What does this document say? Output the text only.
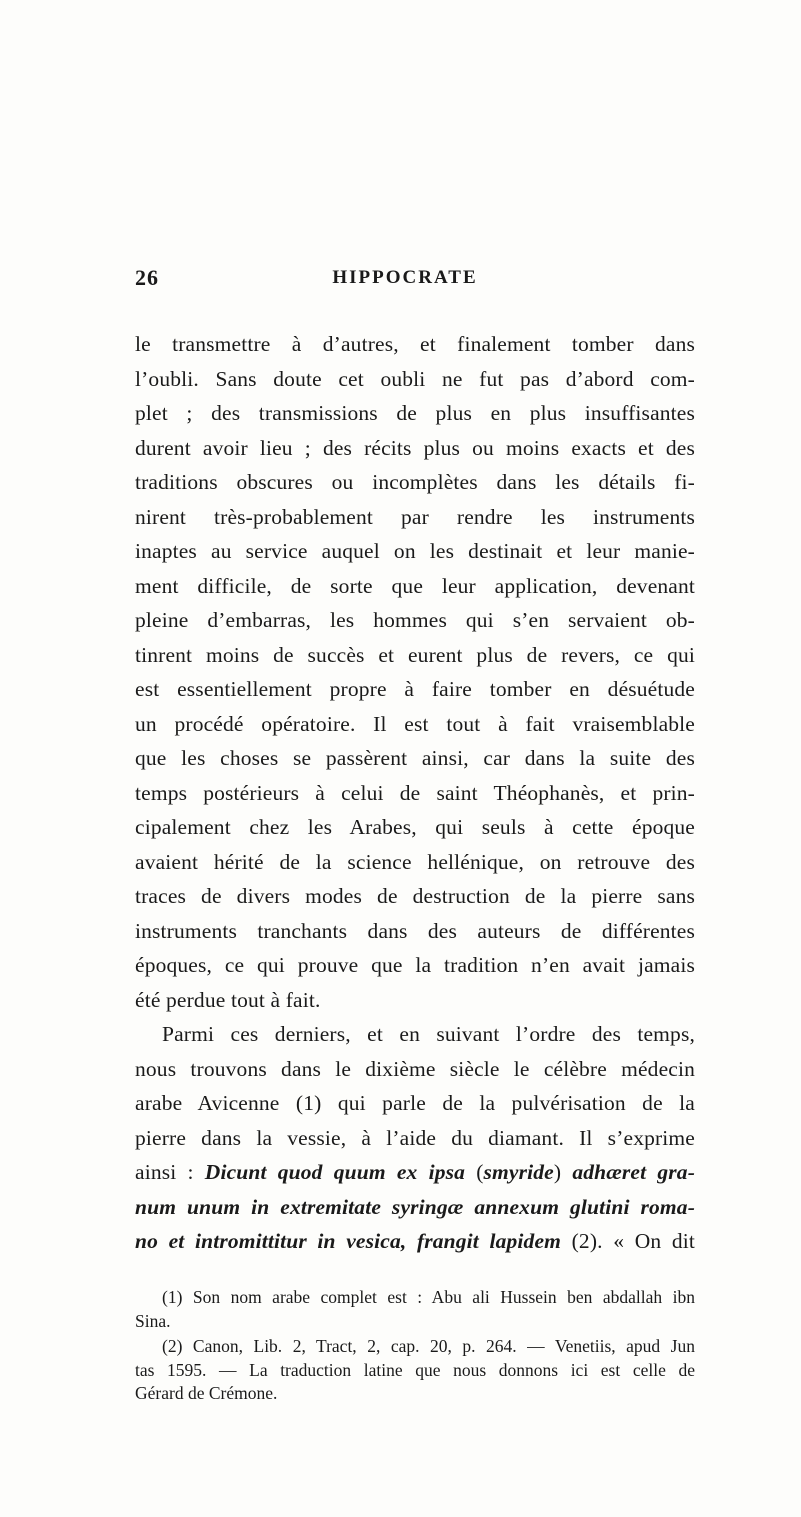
26	HIPPOCRATE
le transmettre à d’autres, et finalement tomber dans
l’oubli. Sans doute cet oubli ne fut pas d’abord com-
plet ; des transmissions de plus en plus insuffisantes
durent avoir lieu ; des récits plus ou moins exacts et des
traditions obscures ou incomplètes dans les détails fi-
nirent très-probablement par rendre les instruments
inaptes au service auquel on les destinait et leur manie-
ment difficile, de sorte que leur application, devenant
pleine d’embarras, les hommes qui s’en servaient ob-
tinrent moins de succès et eurent plus de revers, ce qui
est essentiellement propre à faire tomber en désuétude
un procédé opératoire. Il est tout à fait vraisemblable
que les choses se passèrent ainsi, car dans la suite des
temps postérieurs à celui de saint Théophanès, et prin-
cipalement chez les Arabes, qui seuls à cette époque
avaient hérité de la science hellénique, on retrouve des
traces de divers modes de destruction de la pierre sans
instruments tranchants dans des auteurs de différentes
époques, ce qui prouve que la tradition n’en avait jamais
été perdue tout à fait.
Parmi ces derniers, et en suivant l’ordre des temps,
nous trouvons dans le dixième siècle le célèbre médecin
arabe Avicenne (1) qui parle de la pulvérisation de la
pierre dans la vessie, à l’aide du diamant. Il s’exprime
ainsi : Dicunt quod quum ex ipsa (smyride) adhæret gra-
num unum in extremitate syringæ annexum glutini roma-
no et intromittitur in vesica, frangit lapidem (2). « On dit
(1) Son nom arabe complet est : Abu ali Hussein ben abdallah ibn
Sina.
(2) Canon, Lib. 2, Tract, 2, cap. 20, p. 264. — Venetiis, apud Jun
tas 1595. — La traduction latine que nous donnons ici est celle de
Gérard de Crémone.
